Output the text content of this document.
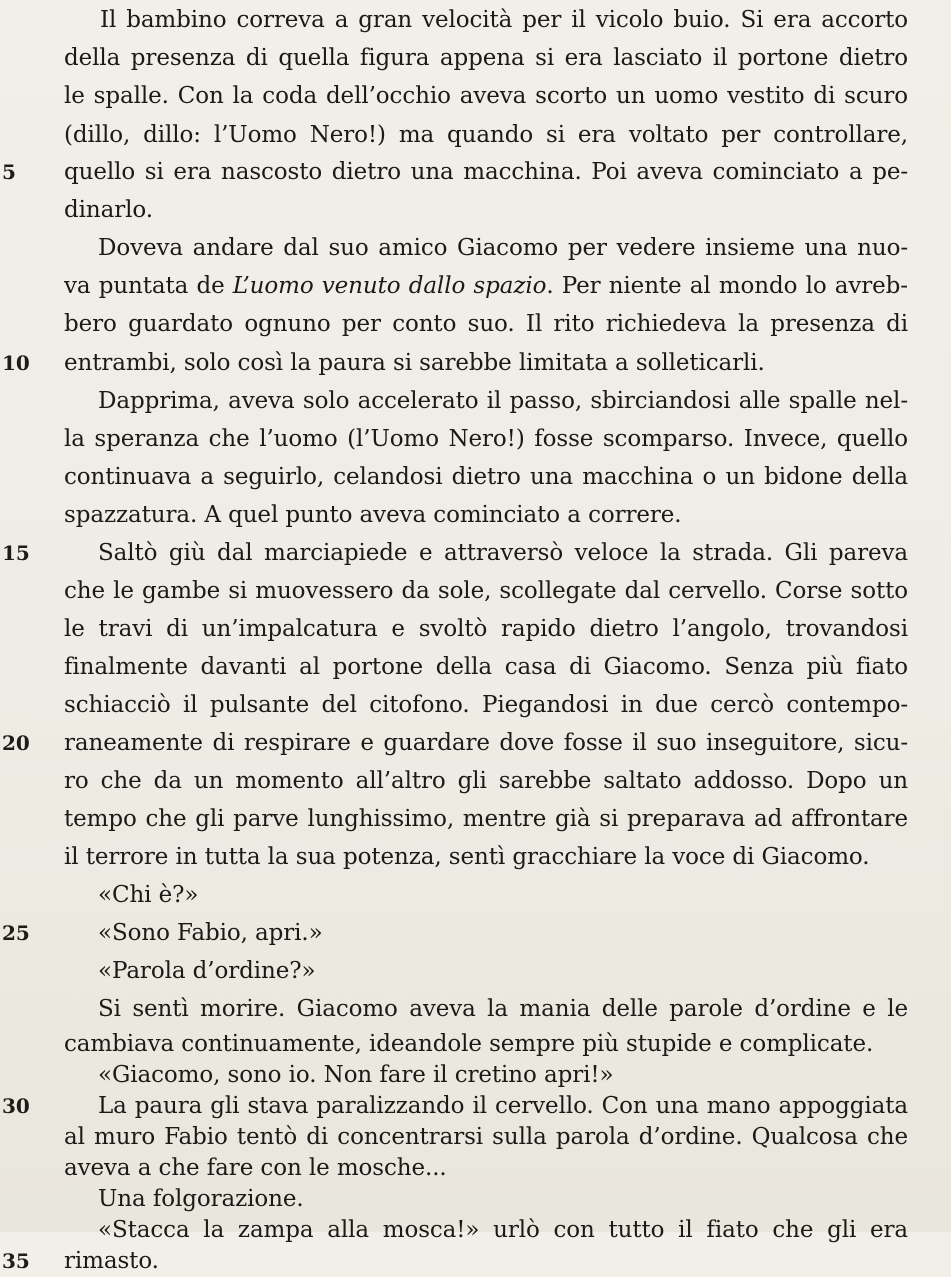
Il bambino correva a gran velocità per il vicolo buio. Si era accorto
della presenza di quella figura appena si era lasciato il portone dietro
le spalle. Con la coda dell’occhio aveva scorto un uomo vestito di scuro
(dillo, dillo: l’Uomo Nero!) ma quando si era voltato per controllare,
5	quello si era nascosto dietro una macchina. Poi aveva cominciato a pe-
dinarlo.
Doveva andare dal suo amico Giacomo per vedere insieme una nuo-
va puntata de L’uomo venuto dallo spazio. Per niente al mondo lo avreb-
bero guardato ognuno per conto suo. Il rito richiedeva la presenza di
10	entrambi, solo così la paura si sarebbe limitata a solleticarli.
Dapprima, aveva solo accelerato il passo, sbirciandosi alle spalle nel-
la speranza che l’uomo (l’Uomo Nero!) fosse scomparso. Invece, quello
continuava a seguirlo, celandosi dietro una macchina o un bidone della
spazzatura. A quel punto aveva cominciato a correre.
15	Saltò giù dal marciapiede e attraversò veloce la strada. Gli pareva
che le gambe si muovessero da sole, scollegate dal cervello. Corse sotto
le travi di un’impalcatura e svoltò rapido dietro l’angolo, trovandosi
finalmente davanti al portone della casa di Giacomo. Senza più fiato
schiacciò il pulsante del citofono. Piegandosi in due cercò contempo-
20	raneamente di respirare e guardare dove fosse il suo inseguitore, sicu-
ro che da un momento all’altro gli sarebbe saltato addosso. Dopo un
tempo che gli parve lunghissimo, mentre già si preparava ad affrontare
il terrore in tutta la sua potenza, sentì gracchiare la voce di Giacomo.
«Chi è?»
25	«Sono Fabio, apri.»
«Parola d’ordine?»
Si sentì morire. Giacomo aveva la mania delle parole d’ordine e le
cambiava continuamente, ideandole sempre più stupide e complicate.
«Giacomo, sono io. Non fare il cretino apri!»
La paura gli stava paralizzando il cervello. Con una mano appoggiata
30
al muro Fabio tentò di concentrarsi sulla parola d’ordine. Qualcosa che
aveva a che fare con le mosche...
Una folgorazione.
«Stacca la zampa alla mosca!» urlò con tutto il fiato che gli era
rimasto.
35
